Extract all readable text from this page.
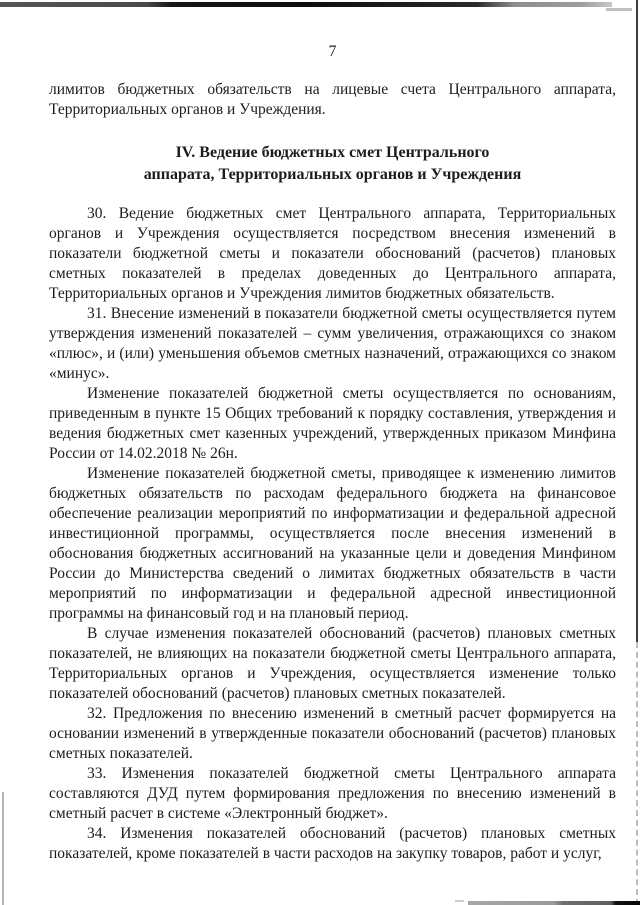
7

лимитов бюджетных обязательств на лицевые счета Центрального аппарата, Территориальных органов и Учреждения.

IV. Ведение бюджетных смет Центрального
аппарата, Территориальных органов и Учреждения

30. Ведение бюджетных смет Центрального аппарата, Территориальных органов и Учреждения осуществляется посредством внесения изменений в показатели бюджетной сметы и показатели обоснований (расчетов) плановых сметных показателей в пределах доведенных до Центрального аппарата, Территориальных органов и Учреждения лимитов бюджетных обязательств.

31. Внесение изменений в показатели бюджетной сметы осуществляется путем утверждения изменений показателей – сумм увеличения, отражающихся со знаком «плюс», и (или) уменьшения объемов сметных назначений, отражающихся со знаком «минус».

Изменение показателей бюджетной сметы осуществляется по основаниям, приведенным в пункте 15 Общих требований к порядку составления, утверждения и ведения бюджетных смет казенных учреждений, утвержденных приказом Минфина России от 14.02.2018 № 26н.

Изменение показателей бюджетной сметы, приводящее к изменению лимитов бюджетных обязательств по расходам федерального бюджета на финансовое обеспечение реализации мероприятий по информатизации и федеральной адресной инвестиционной программы, осуществляется после внесения изменений в обоснования бюджетных ассигнований на указанные цели и доведения Минфином России до Министерства сведений о лимитах бюджетных обязательств в части мероприятий по информатизации и федеральной адресной инвестиционной программы на финансовый год и на плановый период.

В случае изменения показателей обоснований (расчетов) плановых сметных показателей, не влияющих на показатели бюджетной сметы Центрального аппарата, Территориальных органов и Учреждения, осуществляется изменение только показателей обоснований (расчетов) плановых сметных показателей.

32. Предложения по внесению изменений в сметный расчет формируется на основании изменений в утвержденные показатели обоснований (расчетов) плановых сметных показателей.

33. Изменения показателей бюджетной сметы Центрального аппарата составляются ДУД путем формирования предложения по внесению изменений в сметный расчет в системе «Электронный бюджет».

34. Изменения показателей обоснований (расчетов) плановых сметных показателей, кроме показателей в части расходов на закупку товаров, работ и услуг,
